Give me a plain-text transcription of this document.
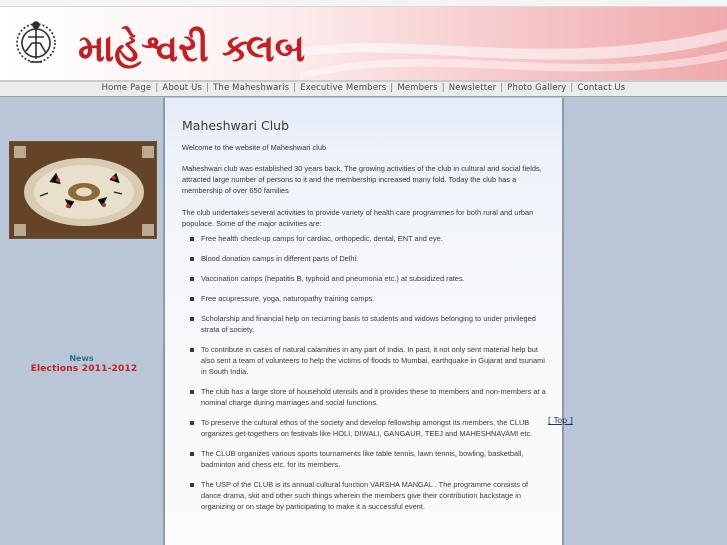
માહેશ્વરી ક્લબ
Home Page | About Us | The Maheshwaris | Executive Members | Members | Newsletter | Photo Gallery | Contact Us
News
Elections 2011-2012
Maheshwari Club

Welcome to the website of Maheshwari club

Maheshwari club was established 30 years back. The growing activities of the club in cultural and social fields, attracted large number of persons to it and the membership increased many fold. Today the club has a membership of over 650 families

The club undertakes several activities to provide variety of health care programmes for both rural and urban populace. Some of the major activities are:

Free health check-up camps for cardiac, orthopedic, dental, ENT and eye.
Blood donation camps in different parts of Delhi.
Vaccination camps (hepatitis B, typhoid and pneumonia etc.) at subsidized rates.
Free acupressure, yoga, naturopathy training camps.
Scholarship and financial help on recurring basis to students and widows belonging to under privileged strata of society.
To contribute in cases of natural calamities in any part of India. In past, it not only sent material help but also sent a team of volunteers to help the victims of floods to Mumbai, earthquake in Gujarat and tsunami in South India.
The club has a large store of household utensils and it provides these to members and non-members at a nominal charge during marriages and social functions.
To preserve the cultural ethos of the society and develop fellowship amongst its members, the CLUB organizes get-togethers on festivals like HOLI, DIWALI, GANGAUR, TEEJ and MAHESHNAVAMI etc.
The CLUB organizes various sports tournaments like table tennis, lawn tennis, bowling, basketball, badminton and chess etc. for its members.
The USP of the CLUB is its annual cultural function VARSHA MANGAL . The programme consists of dance drama, skit and other such things wherein the members give their contribution backstage in organizing or on stage by participating to make it a successful event.
[ Top ]
